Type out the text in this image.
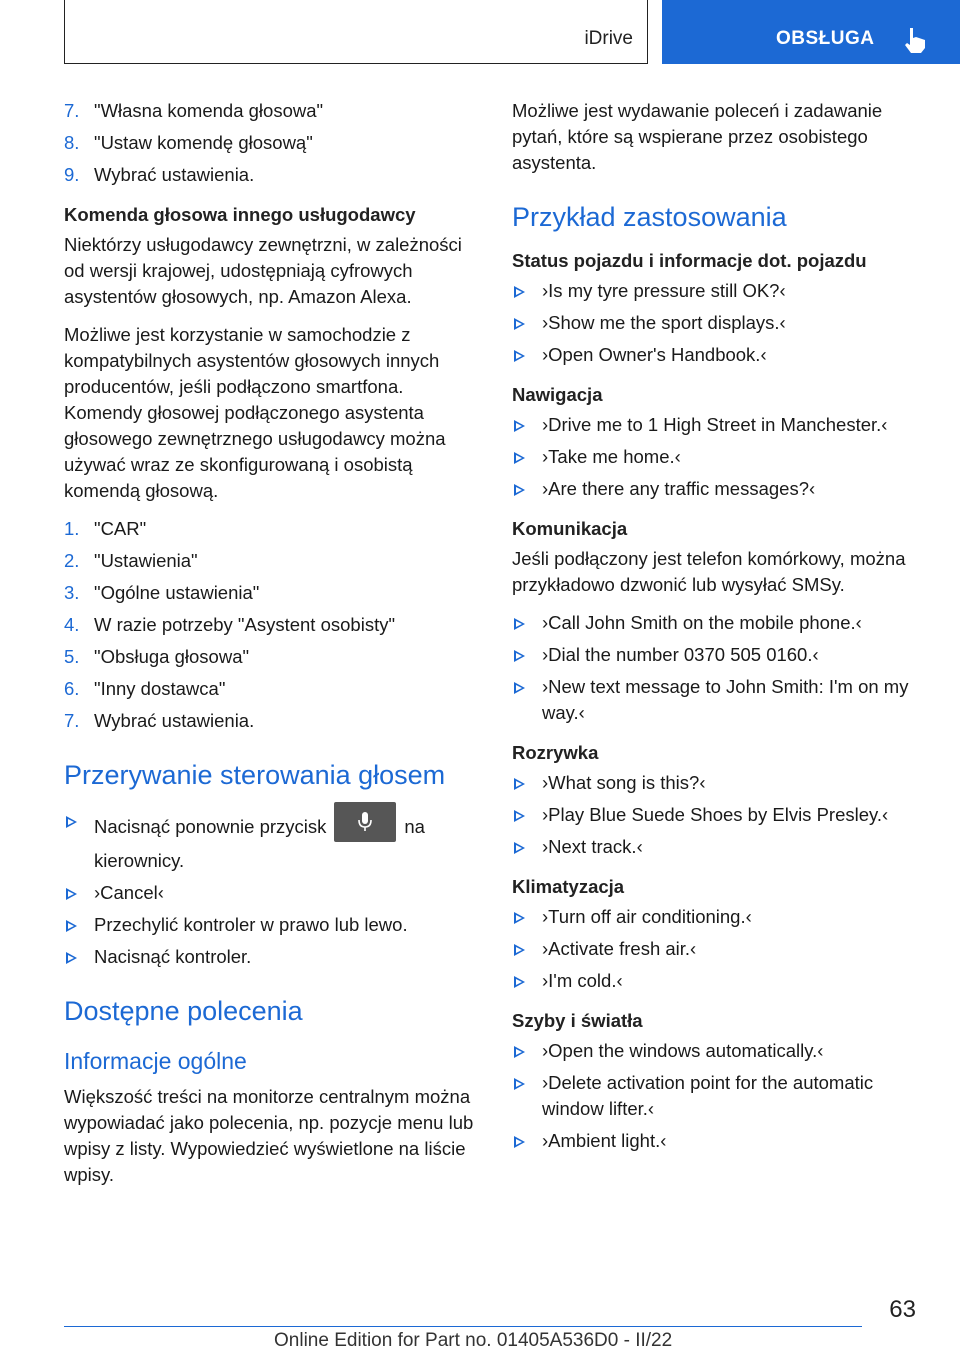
iDrive	OBSŁUGA
7. "Własna komenda głosowa"
8. "Ustaw komendę głosową"
9. Wybrać ustawienia.
Komenda głosowa innego usługodawcy

Niektórzy usługodawcy zewnętrzni, w zależności od wersji krajowej, udostępniają cyfrowych asystentów głosowych, np. Amazon Alexa.

Możliwe jest korzystanie w samochodzie z kompatybilnych asystentów głosowych innych producentów, jeśli podłączono smartfona. Komendy głosowej podłączonego asystenta głosowego zewnętrznego usługodawcy można używać wraz ze skonfigurowaną i osobistą komendą głosową.

1. "CAR"
2. "Ustawienia"
3. "Ogólne ustawienia"
4. W razie potrzeby "Asystent osobisty"
5. "Obsługa głosowa"
6. "Inny dostawca"
7. Wybrać ustawienia.
Przerywanie sterowania głosem
Nacisnąć ponownie przycisk	na kierownicy.
›Cancel‹
Przechylić kontroler w prawo lub lewo.
Nacisnąć kontroler.
Dostępne polecenia
Informacje ogólne

Większość treści na monitorze centralnym można wypowiadać jako polecenia, np. pozycje menu lub wpisy z listy. Wypowiedzieć wyświetlone na liście wpisy.

Możliwe jest wydawanie poleceń i zadawanie pytań, które są wspierane przez osobistego asystenta.

Przykład zastosowania
Status pojazdu i informacje dot. pojazdu
›Is my tyre pressure still OK?‹
›Show me the sport displays.‹
›Open Owner's Handbook.‹
Nawigacja
›Drive me to 1 High Street in Manchester.‹
›Take me home.‹
›Are there any traffic messages?‹
Komunikacja

Jeśli podłączony jest telefon komórkowy, można przykładowo dzwonić lub wysyłać SMSy.

›Call John Smith on the mobile phone.‹
›Dial the number 0370 505 0160.‹
›New text message to John Smith: I'm on my way.‹
Rozrywka
›What song is this?‹
›Play Blue Suede Shoes by Elvis Presley.‹
›Next track.‹
Klimatyzacja
›Turn off air conditioning.‹
›Activate fresh air.‹
›I'm cold.‹
Szyby i światła
›Open the windows automatically.‹
›Delete activation point for the automatic window lifter.‹
›Ambient light.‹
63
Online Edition for Part no. 01405A536D0 - II/22
